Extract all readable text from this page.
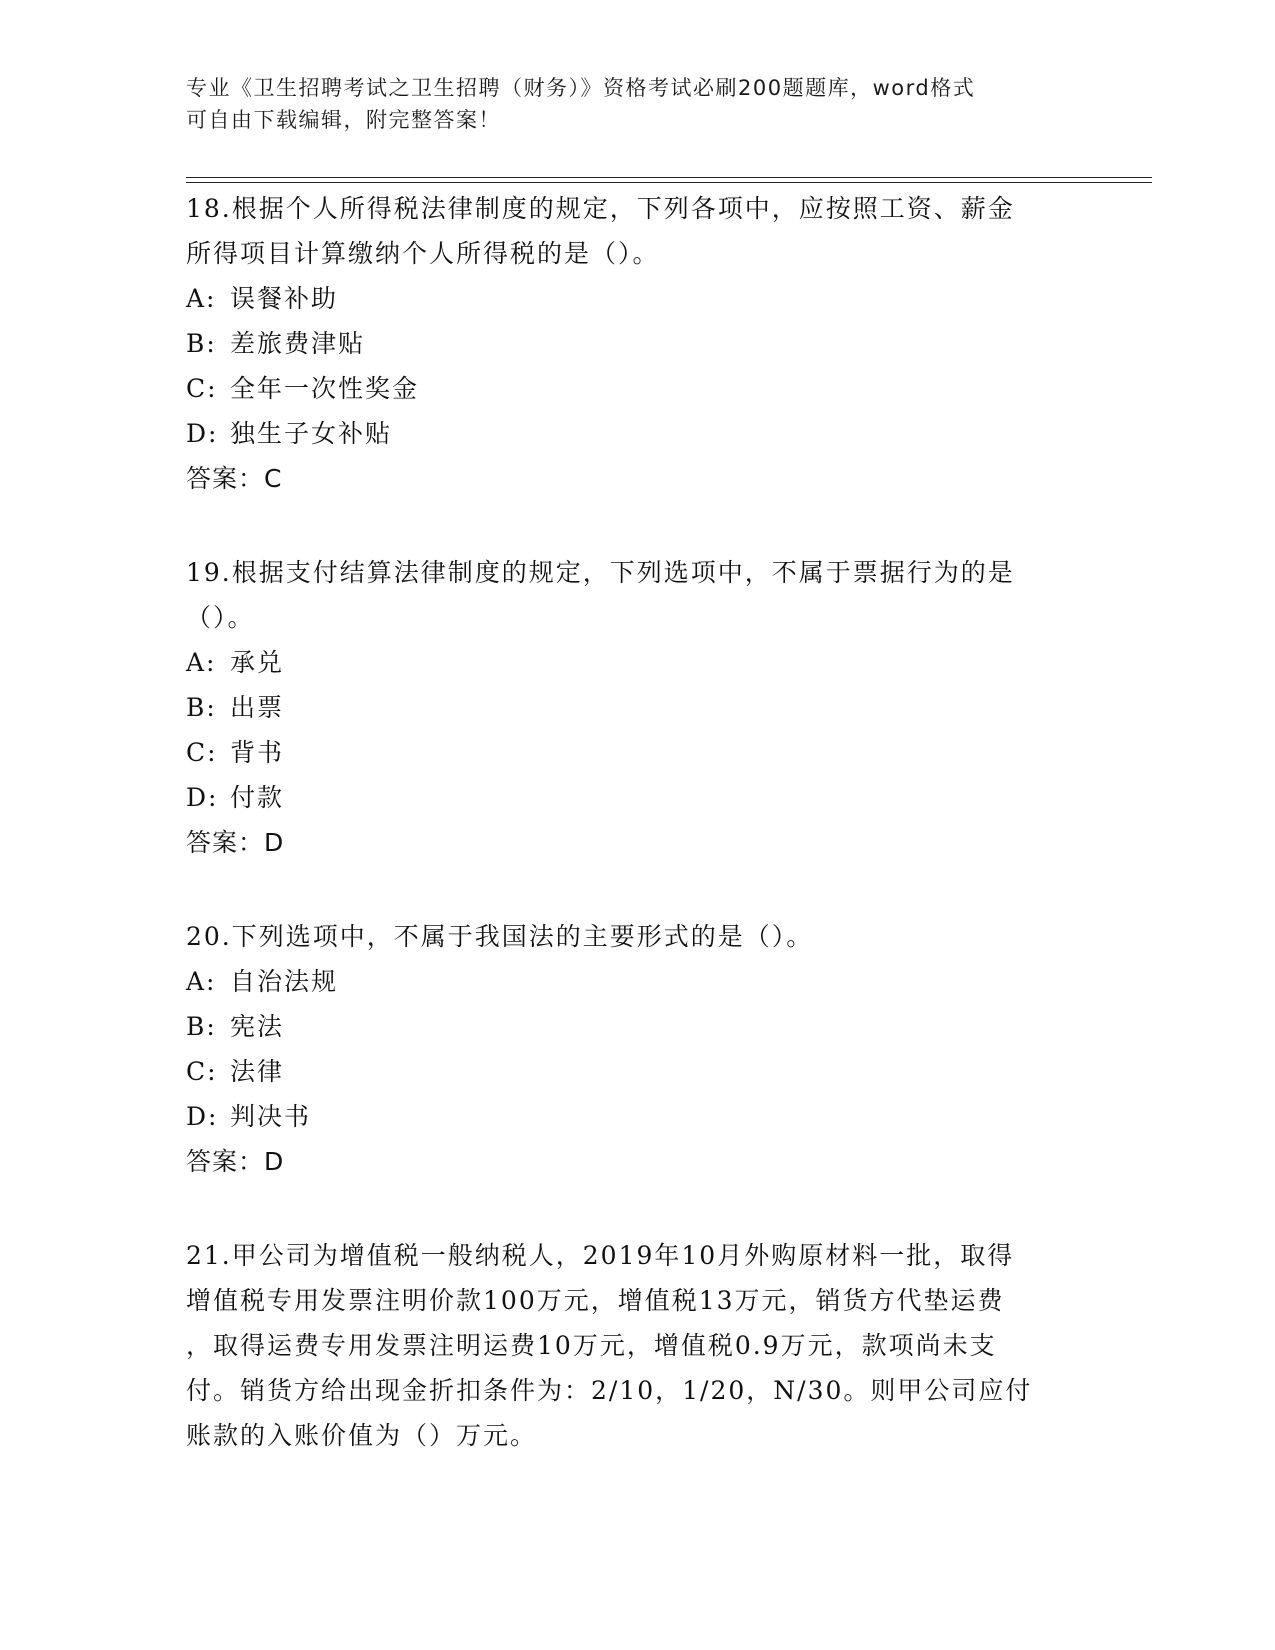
专业《卫生招聘考试之卫生招聘（财务）》资格考试必刷200题题库，word格式
可自由下载编辑，附完整答案！

18.根据个人所得税法律制度的规定，下列各项中，应按照工资、薪金

所得项目计算缴纳个人所得税的是（）。

A: 误餐补助

B: 差旅费津贴

C: 全年一次性奖金

D: 独生子女补贴

答案：C

19.根据支付结算法律制度的规定，下列选项中，不属于票据行为的是

（）。

A: 承兑

B: 出票

C: 背书

D: 付款

答案：D

20.下列选项中，不属于我国法的主要形式的是（）。

A: 自治法规

B: 宪法

C: 法律

D: 判决书

答案：D

21.甲公司为增值税一般纳税人，2019年10月外购原材料一批，取得

增值税专用发票注明价款100万元，增值税13万元，销货方代垫运费

，取得运费专用发票注明运费10万元，增值税0.9万元，款项尚未支

付。销货方给出现金折扣条件为：2/10，1/20，N/30。则甲公司应付

账款的入账价值为（）万元。
